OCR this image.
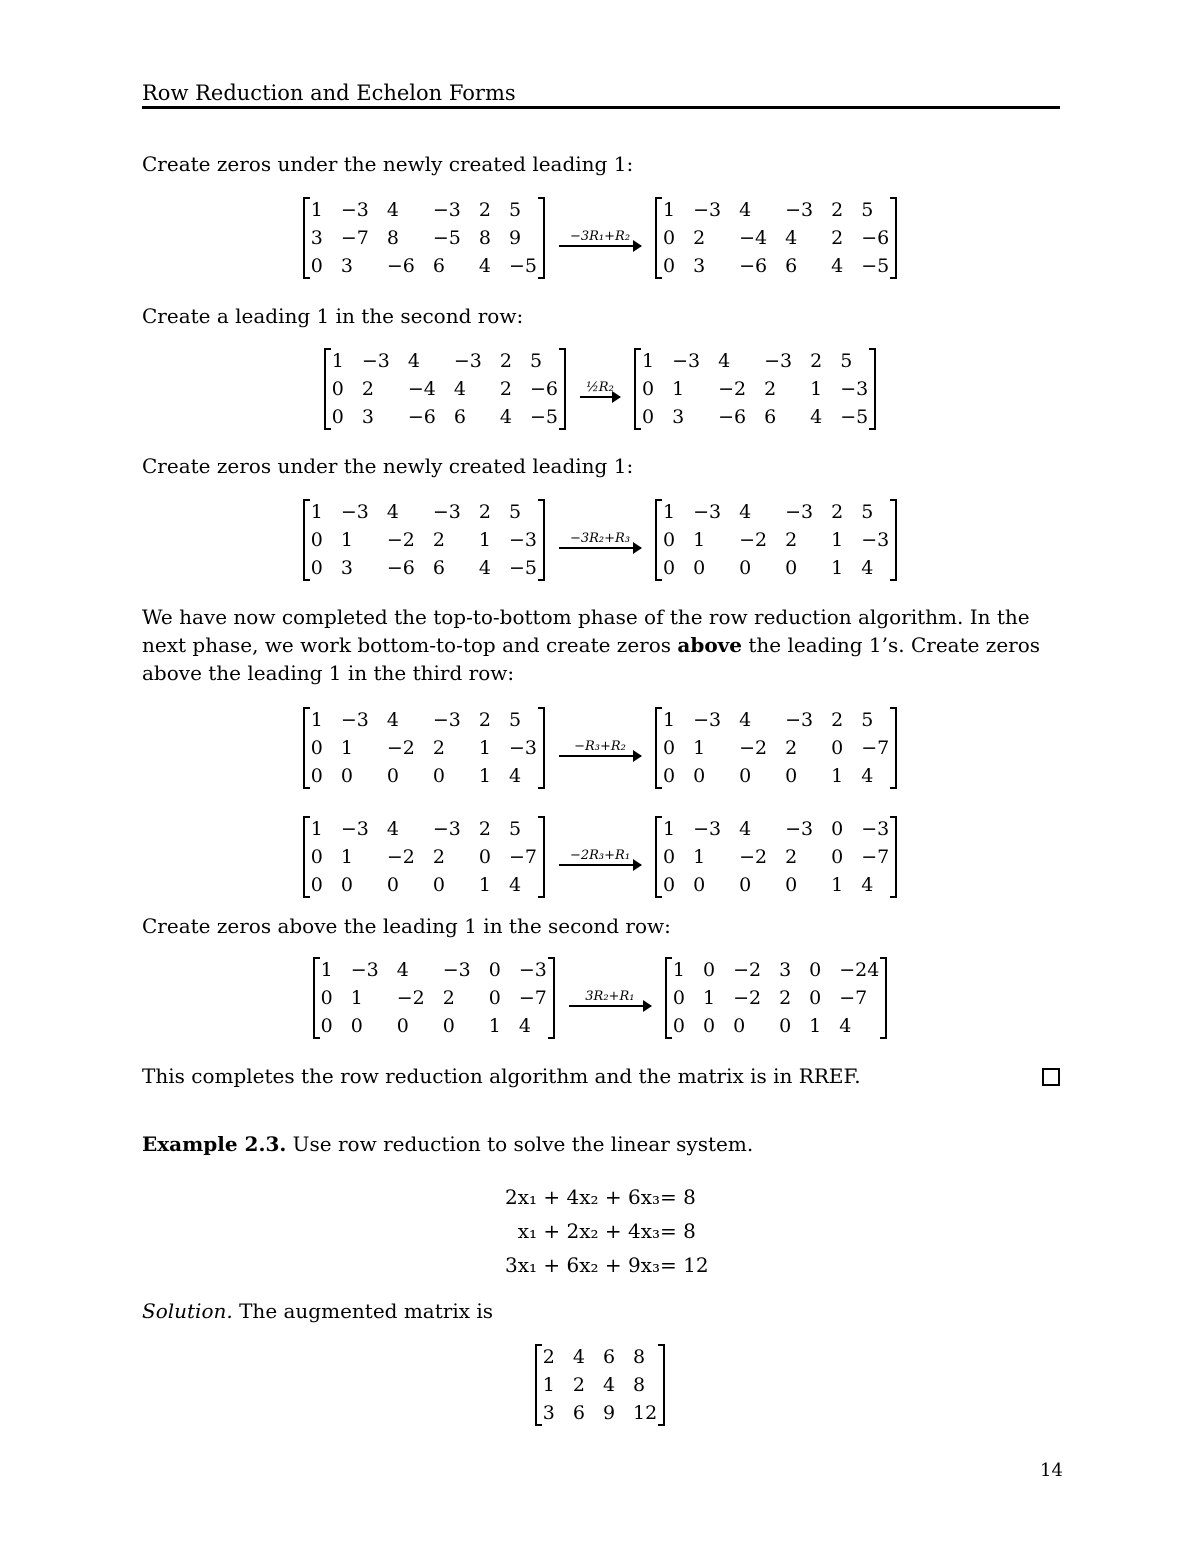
Row Reduction and Echelon Forms
Create zeros under the newly created leading 1:
1	−3	4	−3	2	5
3	−7	8	−5	8	9
0	3	−6	6	4	−5
−3R₁+R₂
1	−3	4	−3	2	5
0	2	−4	4	2	−6
0	3	−6	6	4	−5
Create a leading 1 in the second row:
1	−3	4	−3	2	5
0	2	−4	4	2	−6
0	3	−6	6	4	−5
½R₂
1	−3	4	−3	2	5
0	1	−2	2	1	−3
0	3	−6	6	4	−5
Create zeros under the newly created leading 1:
1	−3	4	−3	2	5
0	1	−2	2	1	−3
0	3	−6	6	4	−5
−3R₂+R₃
1	−3	4	−3	2	5
0	1	−2	2	1	−3
0	0	0	0	1	4
We have now completed the top-to-bottom phase of the row reduction algorithm. In the next phase, we work bottom-to-top and create zeros above the leading 1’s. Create zeros above the leading 1 in the third row:
1	−3	4	−3	2	5
0	1	−2	2	1	−3
0	0	0	0	1	4
−R₃+R₂
1	−3	4	−3	2	5
0	1	−2	2	0	−7
0	0	0	0	1	4
1	−3	4	−3	2	5
0	1	−2	2	0	−7
0	0	0	0	1	4
−2R₃+R₁
1	−3	4	−3	0	−3
0	1	−2	2	0	−7
0	0	0	0	1	4
Create zeros above the leading 1 in the second row:
1	−3	4	−3	0	−3
0	1	−2	2	0	−7
0	0	0	0	1	4
3R₂+R₁
1	0	−2	3	0	−24
0	1	−2	2	0	−7
0	0	0	0	1	4
This completes the row reduction algorithm and the matrix is in RREF.
Example 2.3. Use row reduction to solve the linear system.
2x₁ + 4x₂ + 6x₃ = 8
x₁ + 2x₂ + 4x₃ = 8
3x₁ + 6x₂ + 9x₃ = 12
Solution. The augmented matrix is
2	4	6	8
1	2	4	8
3	6	9	12
14
